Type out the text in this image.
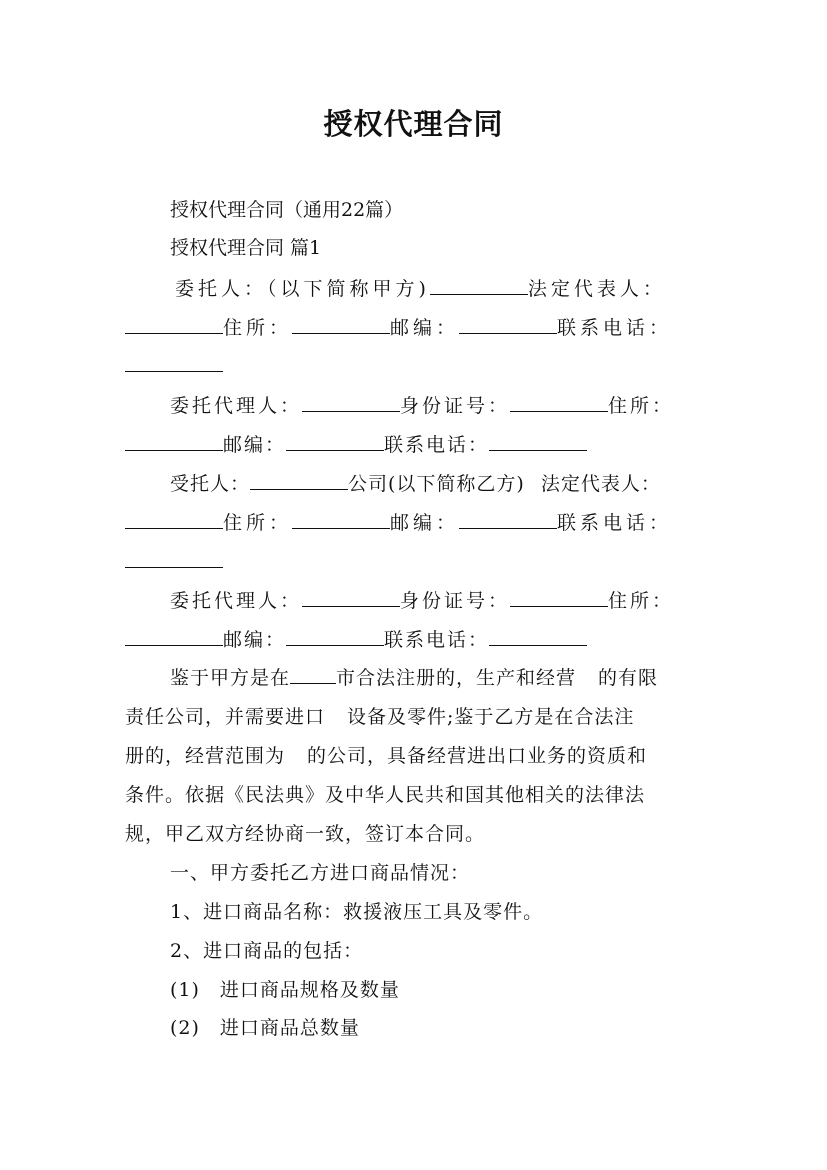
授权代理合同

授权代理合同（通用22篇）

授权代理合同 篇1

委托人：（以下简称甲方)	法定代表人：

住所：	邮编：	联系电话：

委托代理人：	身份证号：	住所：

邮编：	联系电话：

受托人：	公司(以下简称乙方) 法定代表人：

住所：	邮编：	联系电话：

委托代理人：	身份证号：	住所：

邮编：	联系电话：

鉴于甲方是在 市合法注册的，生产和经营 的有限

责任公司，并需要进口 设备及零件;鉴于乙方是在合法注

册的，经营范围为 的公司，具备经营进出口业务的资质和

条件。依据《民法典》及中华人民共和国其他相关的法律法

规，甲乙双方经协商一致，签订本合同。

一、甲方委托乙方进口商品情况：

1、进口商品名称：救援液压工具及零件。

2、进口商品的包括：

(1)　进口商品规格及数量

(2)　进口商品总数量
